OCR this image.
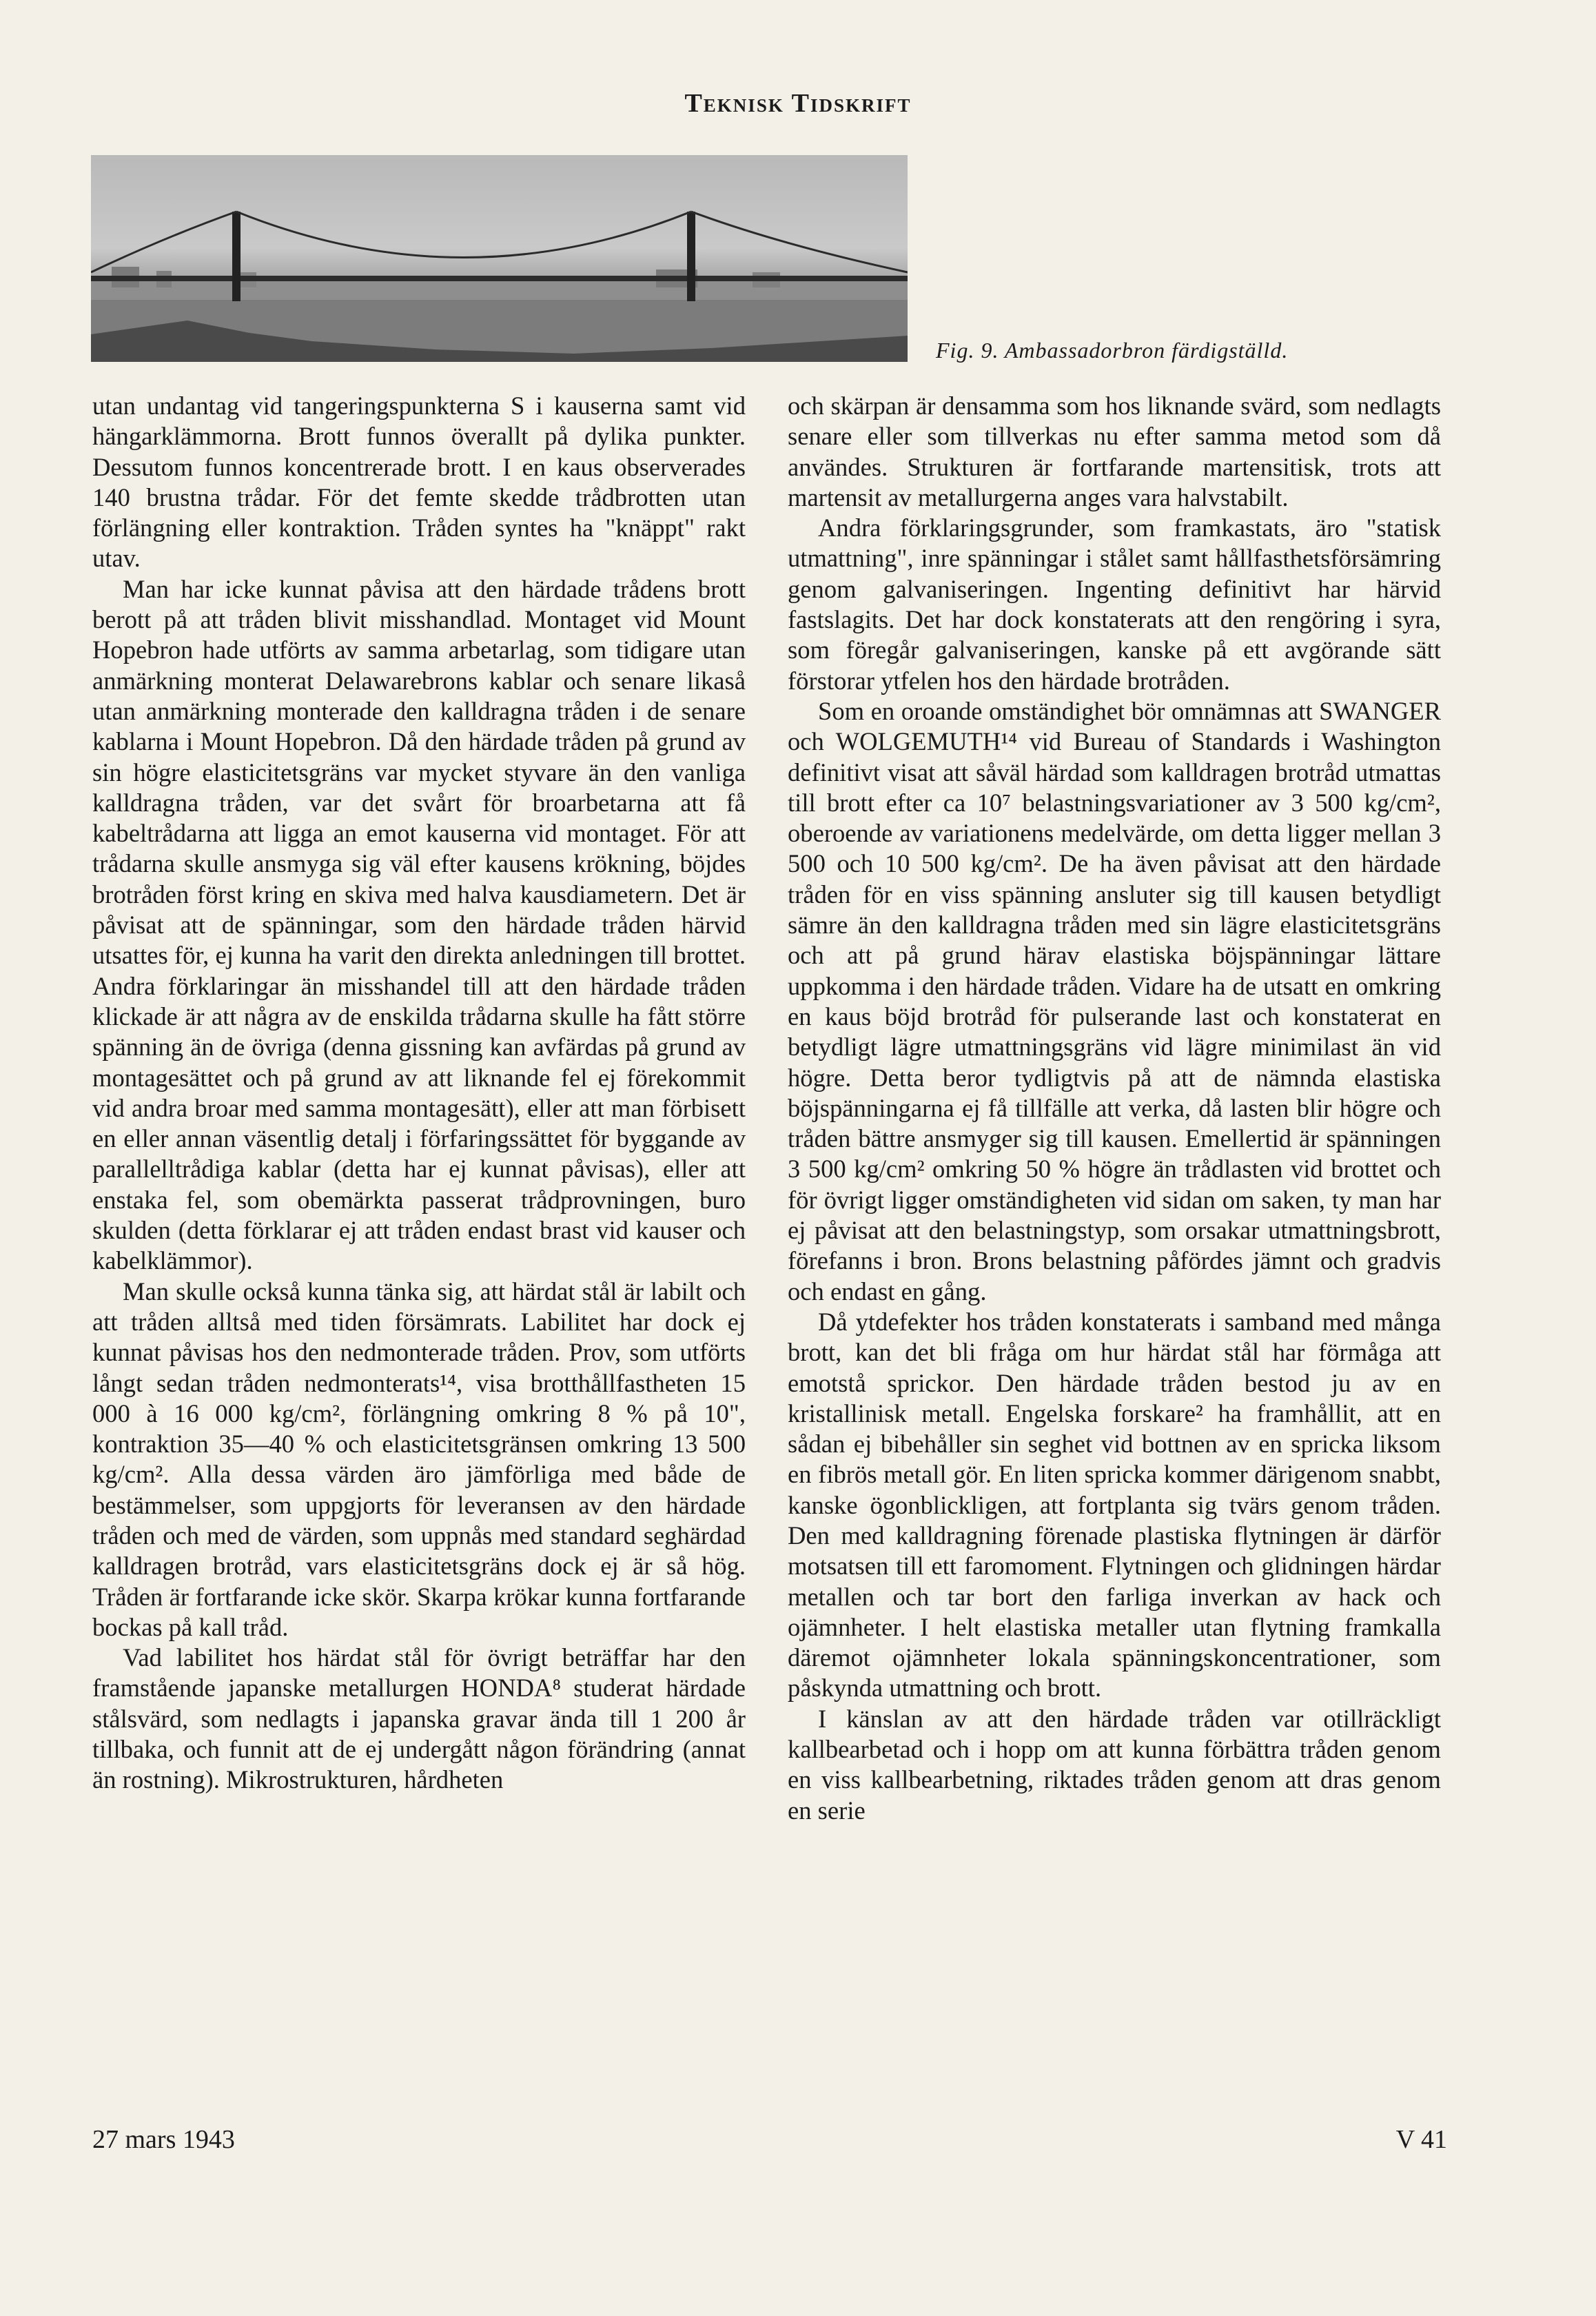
Teknisk Tidskrift
Fig. 9. Ambassadorbron färdigställd.

utan undantag vid tangeringspunkterna S i kauserna samt vid hängarklämmorna. Brott funnos överallt på dylika punkter. Dessutom funnos koncentrerade brott. I en kaus observerades 140 brustna trådar. För det femte skedde trådbrotten utan förlängning eller kontraktion. Tråden syntes ha "knäppt" rakt utav.

Man har icke kunnat påvisa att den härdade trådens brott berott på att tråden blivit misshandlad. Montaget vid Mount Hopebron hade utförts av samma arbetarlag, som tidigare utan anmärkning monterat Delawarebrons kablar och senare likaså utan anmärkning monterade den kalldragna tråden i de senare kablarna i Mount Hopebron. Då den härdade tråden på grund av sin högre elasticitetsgräns var mycket styvare än den vanliga kalldragna tråden, var det svårt för broarbetarna att få kabeltrådarna att ligga an emot kauserna vid montaget. För att trådarna skulle ansmyga sig väl efter kausens krökning, böjdes brotråden först kring en skiva med halva kausdiametern. Det är påvisat att de spänningar, som den härdade tråden härvid utsattes för, ej kunna ha varit den direkta anledningen till brottet. Andra förklaringar än misshandel till att den härdade tråden klickade är att några av de enskilda trådarna skulle ha fått större spänning än de övriga (denna gissning kan avfärdas på grund av montagesättet och på grund av att liknande fel ej förekommit vid andra broar med samma montagesätt), eller att man förbisett en eller annan väsentlig detalj i förfaringssättet för byggande av parallelltrådiga kablar (detta har ej kunnat påvisas), eller att enstaka fel, som obemärkta passerat trådprovningen, buro skulden (detta förklarar ej att tråden endast brast vid kauser och kabelklämmor).

Man skulle också kunna tänka sig, att härdat stål är labilt och att tråden alltså med tiden försämrats. Labilitet har dock ej kunnat påvisas hos den nedmonterade tråden. Prov, som utförts långt sedan tråden nedmonterats¹⁴, visa brotthållfastheten 15 000 à 16 000 kg/cm², förlängning omkring 8 % på 10", kontraktion 35—40 % och elasticitetsgränsen omkring 13 500 kg/cm². Alla dessa värden äro jämförliga med både de bestämmelser, som uppgjorts för leveransen av den härdade tråden och med de värden, som uppnås med standard seghärdad kalldragen brotråd, vars elasticitetsgräns dock ej är så hög. Tråden är fortfarande icke skör. Skarpa krökar kunna fortfarande bockas på kall tråd.

Vad labilitet hos härdat stål för övrigt beträffar har den framstående japanske metallurgen HONDA⁸ studerat härdade stålsvärd, som nedlagts i japanska gravar ända till 1 200 år tillbaka, och funnit att de ej undergått någon förändring (annat än rostning). Mikrostrukturen, hårdheten

och skärpan är densamma som hos liknande svärd, som nedlagts senare eller som tillverkas nu efter samma metod som då användes. Strukturen är fortfarande martensitisk, trots att martensit av metallurgerna anges vara halvstabilt.

Andra förklaringsgrunder, som framkastats, äro "statisk utmattning", inre spänningar i stålet samt hållfasthetsförsämring genom galvaniseringen. Ingenting definitivt har härvid fastslagits. Det har dock konstaterats att den rengöring i syra, som föregår galvaniseringen, kanske på ett avgörande sätt förstorar ytfelen hos den härdade brotråden.

Som en oroande omständighet bör omnämnas att SWANGER och WOLGEMUTH¹⁴ vid Bureau of Standards i Washington definitivt visat att såväl härdad som kalldragen brotråd utmattas till brott efter ca 10⁷ belastningsvariationer av 3 500 kg/cm², oberoende av variationens medelvärde, om detta ligger mellan 3 500 och 10 500 kg/cm². De ha även påvisat att den härdade tråden för en viss spänning ansluter sig till kausen betydligt sämre än den kalldragna tråden med sin lägre elasticitetsgräns och att på grund härav elastiska böjspänningar lättare uppkomma i den härdade tråden. Vidare ha de utsatt en omkring en kaus böjd brotråd för pulserande last och konstaterat en betydligt lägre utmattningsgräns vid lägre minimilast än vid högre. Detta beror tydligtvis på att de nämnda elastiska böjspänningarna ej få tillfälle att verka, då lasten blir högre och tråden bättre ansmyger sig till kausen. Emellertid är spänningen 3 500 kg/cm² omkring 50 % högre än trådlasten vid brottet och för övrigt ligger omständigheten vid sidan om saken, ty man har ej påvisat att den belastningstyp, som orsakar utmattningsbrott, förefanns i bron. Brons belastning påfördes jämnt och gradvis och endast en gång.

Då ytdefekter hos tråden konstaterats i samband med många brott, kan det bli fråga om hur härdat stål har förmåga att emotstå sprickor. Den härdade tråden bestod ju av en kristallinisk metall. Engelska forskare² ha framhållit, att en sådan ej bibehåller sin seghet vid bottnen av en spricka liksom en fibrös metall gör. En liten spricka kommer därigenom snabbt, kanske ögonblickligen, att fortplanta sig tvärs genom tråden. Den med kalldragning förenade plastiska flytningen är därför motsatsen till ett faromoment. Flytningen och glidningen härdar metallen och tar bort den farliga inverkan av hack och ojämnheter. I helt elastiska metaller utan flytning framkalla däremot ojämnheter lokala spänningskoncentrationer, som påskynda utmattning och brott.

I känslan av att den härdade tråden var otillräckligt kallbearbetad och i hopp om att kunna förbättra tråden genom en viss kallbearbetning, riktades tråden genom att dras genom en serie

27 mars 1943	V 41
